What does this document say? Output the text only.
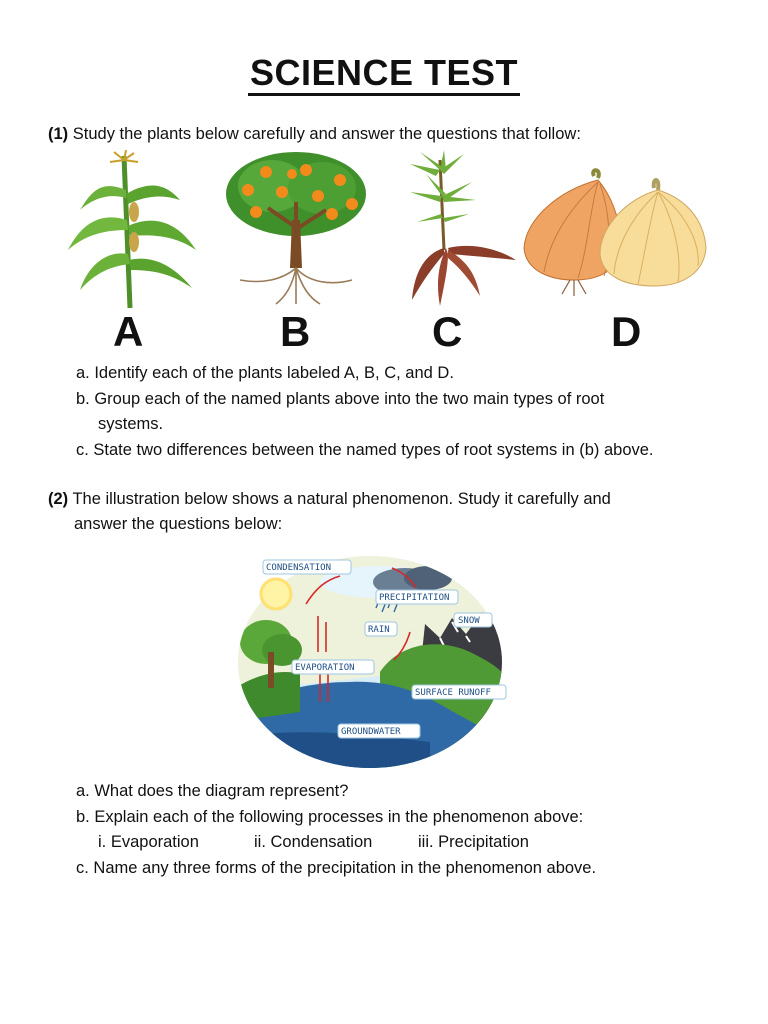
SCIENCE TEST
(1) Study the plants below carefully and answer the questions that follow:
A	B	C	D
a. Identify each of the plants labeled A, B, C, and D.
b. Group each of the named plants above into the two main types of root
systems.
c. State two differences between the named types of root systems in (b) above.
(2) The illustration below shows a natural phenomenon. Study it carefully and
answer the questions below:
CONDENSATION
PRECIPITATION
SNOW
RAIN
EVAPORATION
SURFACE RUNOFF
GROUNDWATER
a. What does the diagram represent?
b. Explain each of the following processes in the phenomenon above:
i. Evaporation	ii. Condensation	iii. Precipitation
c. Name any three forms of the precipitation in the phenomenon above.
